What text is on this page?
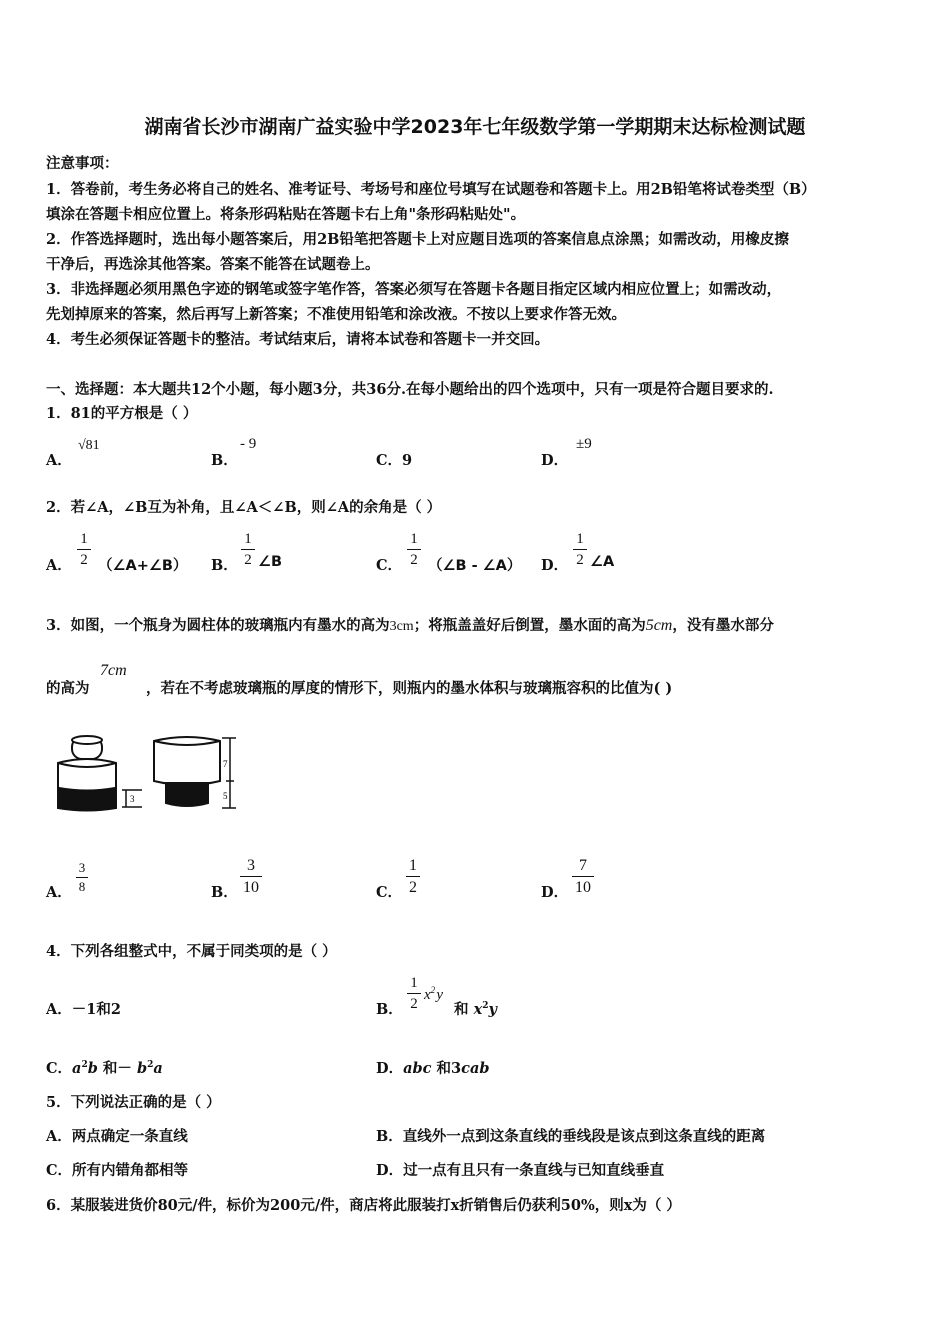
湖南省长沙市湖南广益实验中学2023年七年级数学第一学期期末达标检测试题
注意事项：
1．答卷前，考生务必将自己的姓名、准考证号、考场号和座位号填写在试题卷和答题卡上。用2B铅笔将试卷类型（B）
填涂在答题卡相应位置上。将条形码粘贴在答题卡右上角"条形码粘贴处"。
2．作答选择题时，选出每小题答案后，用2B铅笔把答题卡上对应题目选项的答案信息点涂黑；如需改动，用橡皮擦
干净后，再选涂其他答案。答案不能答在试题卷上。
3．非选择题必须用黑色字迹的钢笔或签字笔作答，答案必须写在答题卡各题目指定区域内相应位置上；如需改动，
先划掉原来的答案，然后再写上新答案；不准使用铅笔和涂改液。不按以上要求作答无效。
4．考生必须保证答题卡的整洁。考试结束后，请将本试卷和答题卡一并交回。
一、选择题：本大题共12个小题，每小题3分，共36分.在每小题给出的四个选项中，只有一项是符合题目要求的.
1．81的平方根是（ ）
A．
√81
B．
- 9
C．9	D．
±9
2．若∠A，∠B互为补角，且∠A＜∠B，则∠A的余角是（ ）
A．
1
2 （∠A+∠B） B．
1
2 ∠B	C．
1
2 （∠B - ∠A） D．
1
2 ∠A
3．如图，一个瓶身为圆柱体的玻璃瓶内有墨水的高为3cm；将瓶盖盖好后倒置，墨水面的高为5cm，没有墨水部分
的高为
7cm
，若在不考虑玻璃瓶的厚度的情形下，则瓶内的墨水体积与玻璃瓶容积的比值为( )
3
7
5
A．
3
8	B．
3
10	C．
1
2	D．
7
10
4．下列各组整式中，不属于同类项的是（ ）
A．－1和2	B．
1
2
$x^2$ y
和 $x^2y$
C．$a^2b$ 和－ $b^2a$	D．abc 和3cab
5．下列说法正确的是（ ）
A．两点确定一条直线	B．直线外一点到这条直线的垂线段是该点到这条直线的距离
C．所有内错角都相等	D．过一点有且只有一条直线与已知直线垂直
6．某服装进货价80元/件，标价为200元/件，商店将此服装打x折销售后仍获利50%，则x为（ ）
